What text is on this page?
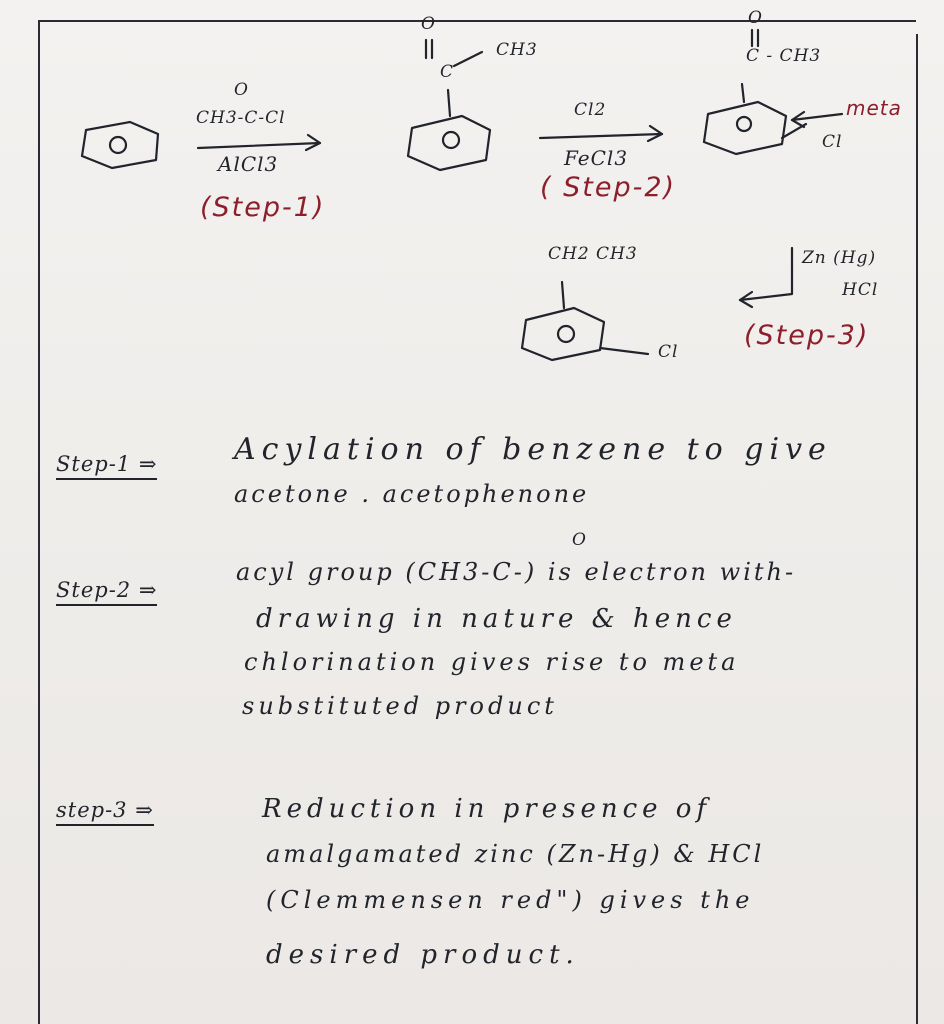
O
CH3-C-Cl
AlCl3
(Step-1)
O
C
CH3
Cl2
FeCl3
( Step-2)
O
C - CH3
meta
Cl
Zn (Hg)
HCl
(Step-3)
CH2 CH3
Cl
Step-1 ⇒	Acylation of benzene to give
acetone . acetophenone
Step-2 ⇒
O
acyl group (CH3-C-) is electron with-
drawing in nature & hence
chlorination gives rise to meta
substituted product
step-3 ⇒	Reduction in presence of
amalgamated zinc (Zn-Hg) & HCl
(Clemmensen red") gives the
desired product.
